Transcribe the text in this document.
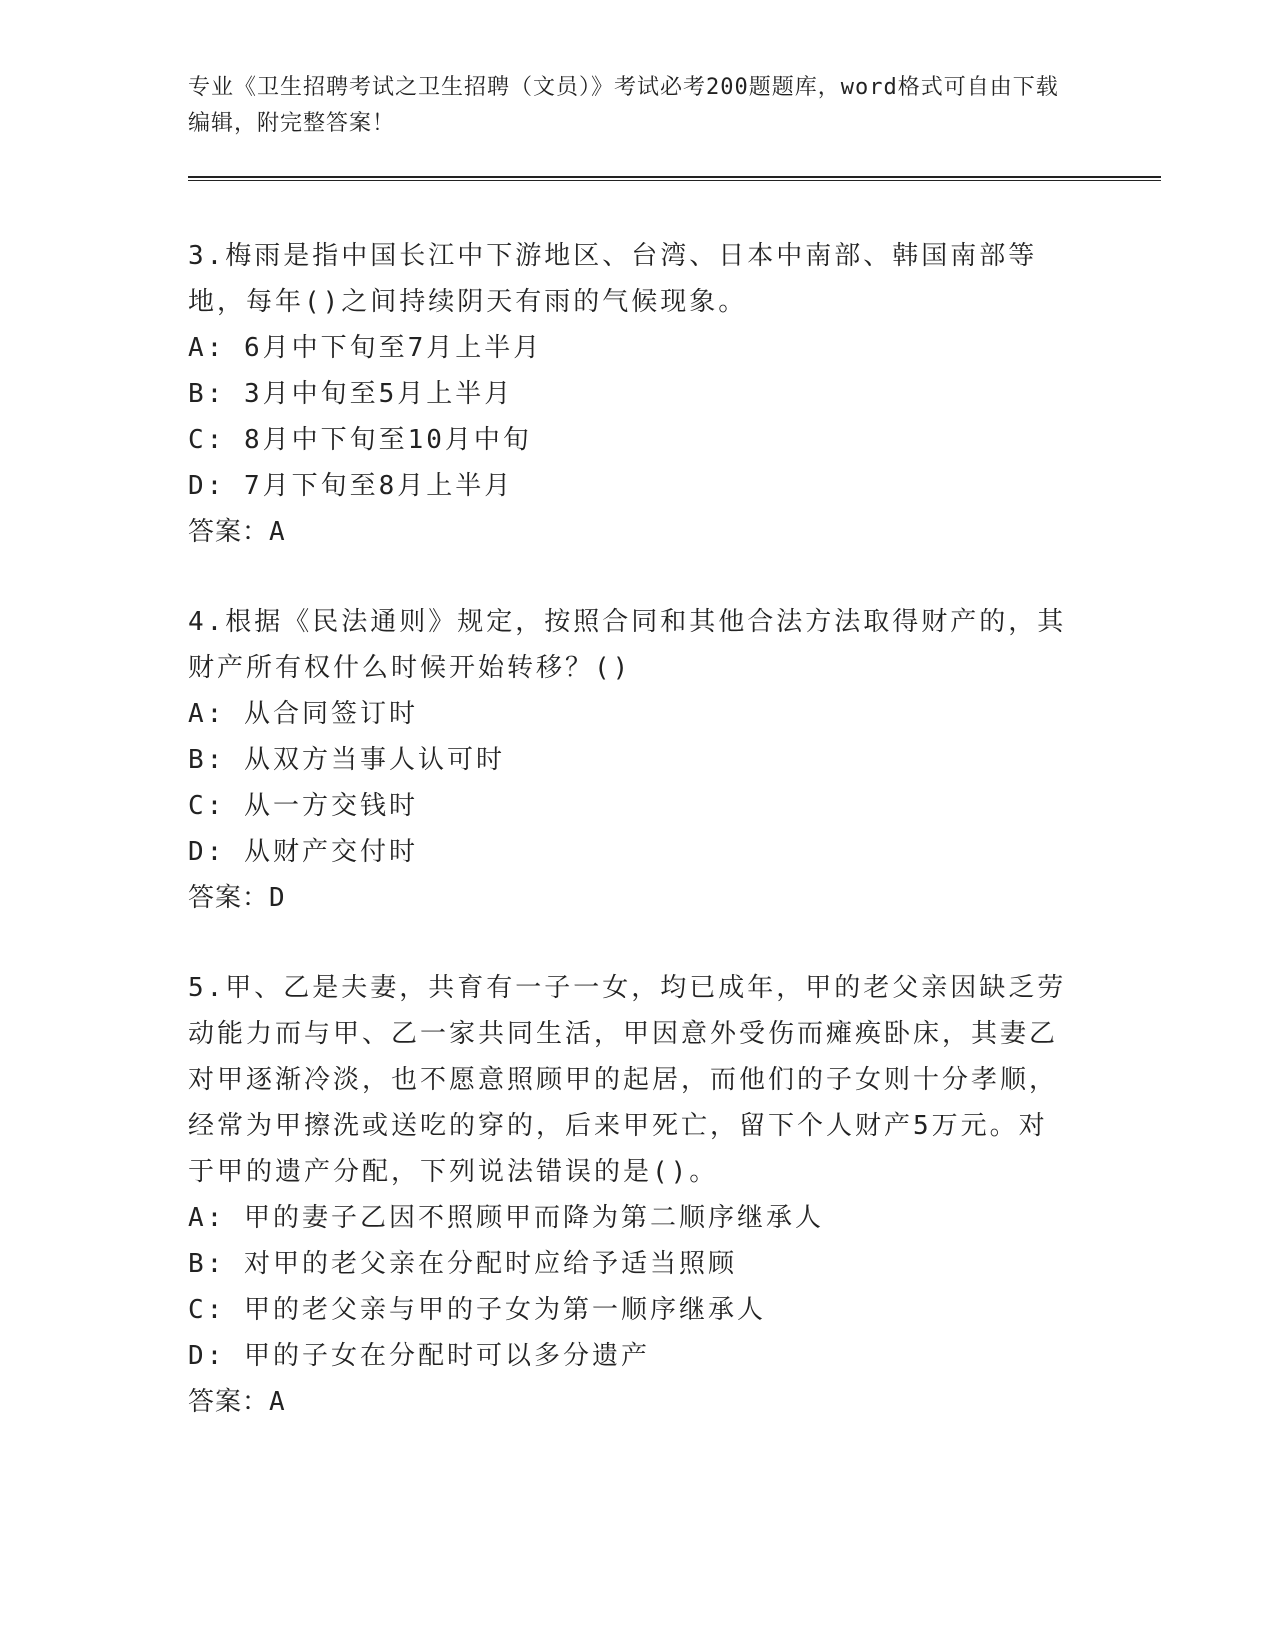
专业《卫生招聘考试之卫生招聘（文员）》考试必考200题题库，word格式可自由下载编辑，附完整答案！
3.梅雨是指中国长江中下游地区、台湾、日本中南部、韩国南部等地，每年()之间持续阴天有雨的气候现象。
A: 6月中下旬至7月上半月
B: 3月中旬至5月上半月
C: 8月中下旬至10月中旬
D: 7月下旬至8月上半月
答案：A
4.根据《民法通则》规定，按照合同和其他合法方法取得财产的，其财产所有权什么时候开始转移？()
A: 从合同签订时
B: 从双方当事人认可时
C: 从一方交钱时
D: 从财产交付时
答案：D
5.甲、乙是夫妻，共育有一子一女，均已成年，甲的老父亲因缺乏劳动能力而与甲、乙一家共同生活，甲因意外受伤而瘫痪卧床，其妻乙对甲逐渐冷淡，也不愿意照顾甲的起居，而他们的子女则十分孝顺，经常为甲擦洗或送吃的穿的，后来甲死亡，留下个人财产5万元。对于甲的遗产分配，下列说法错误的是()。
A: 甲的妻子乙因不照顾甲而降为第二顺序继承人
B: 对甲的老父亲在分配时应给予适当照顾
C: 甲的老父亲与甲的子女为第一顺序继承人
D: 甲的子女在分配时可以多分遗产
答案：A
